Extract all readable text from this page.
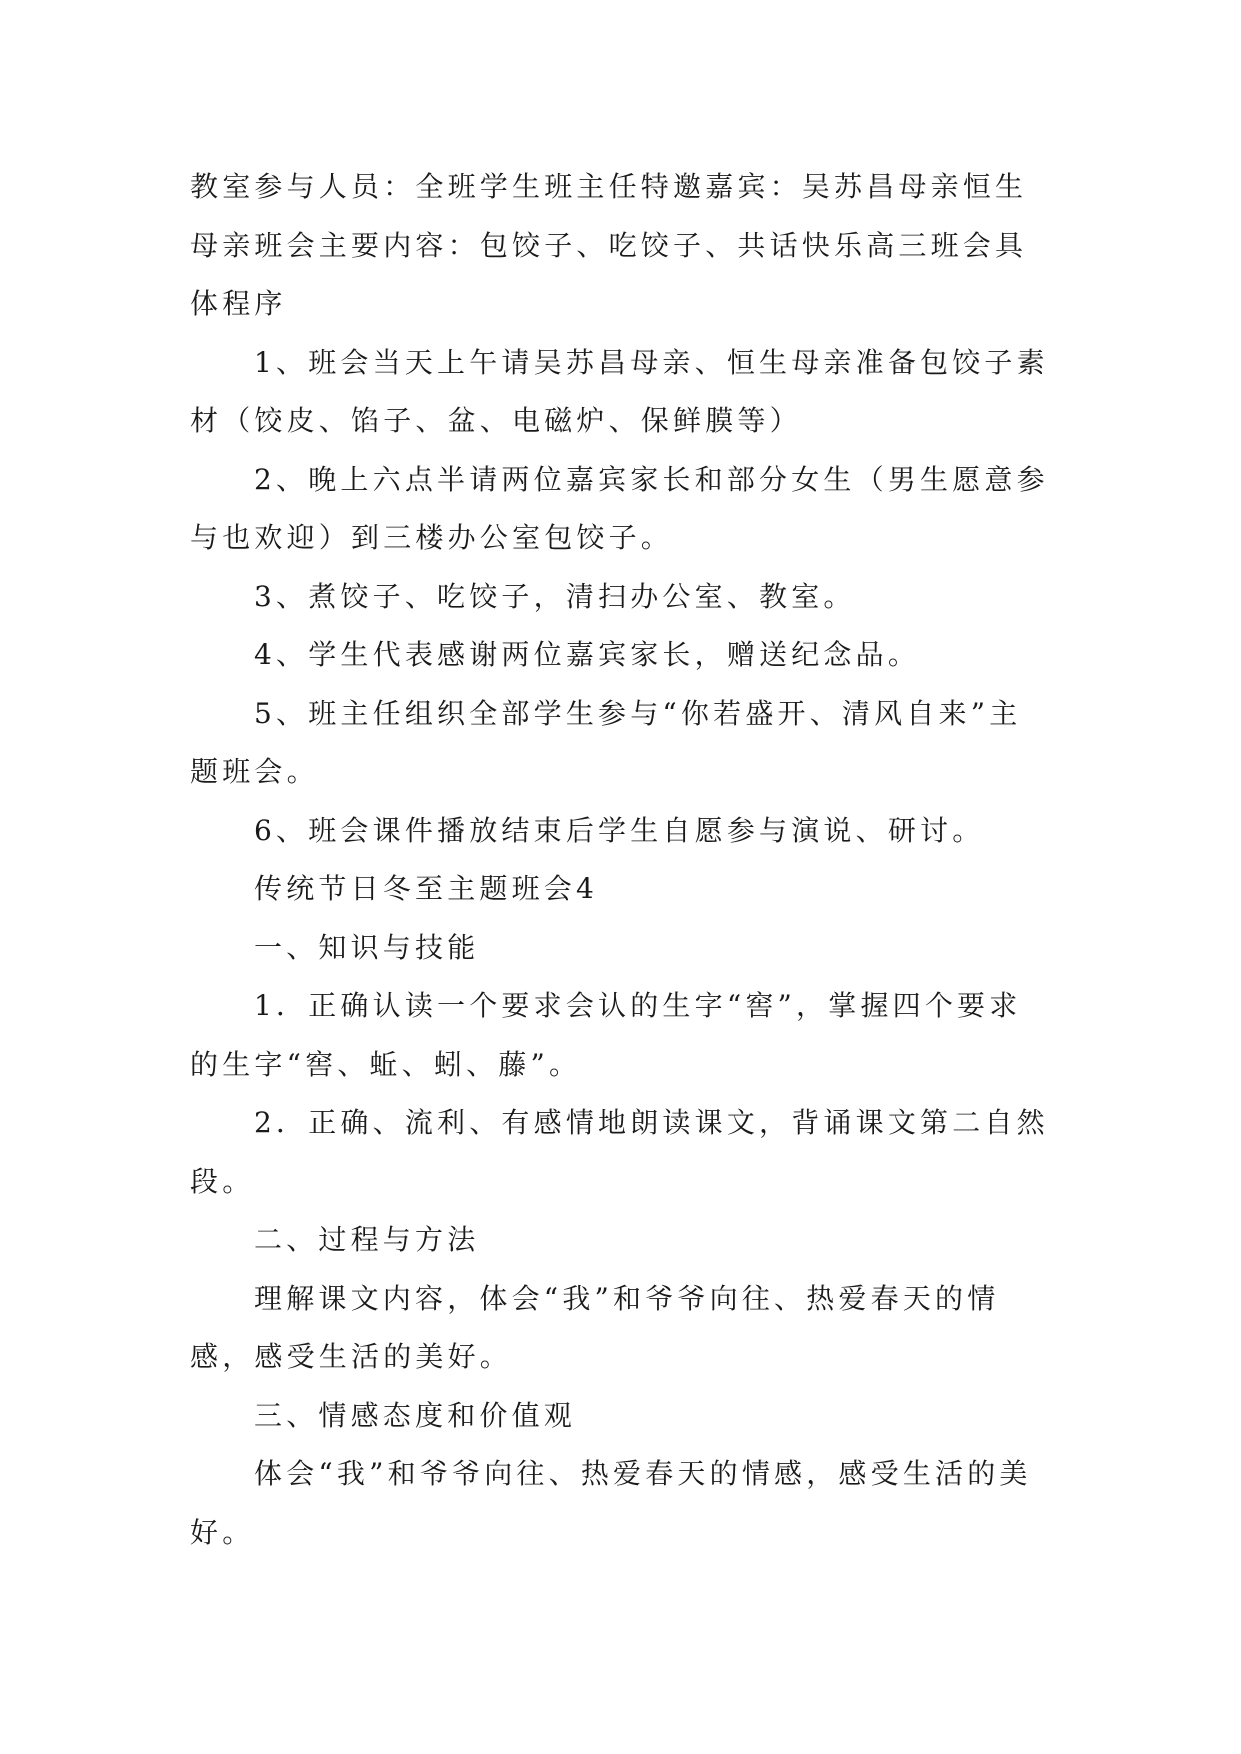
教室参与人员：全班学生班主任特邀嘉宾：吴苏昌母亲恒生母亲班会主要内容：包饺子、吃饺子、共话快乐高三班会具体程序

1、班会当天上午请吴苏昌母亲、恒生母亲准备包饺子素材（饺皮、馅子、盆、电磁炉、保鲜膜等）

2、晚上六点半请两位嘉宾家长和部分女生（男生愿意参与也欢迎）到三楼办公室包饺子。

3、煮饺子、吃饺子，清扫办公室、教室。

4、学生代表感谢两位嘉宾家长，赠送纪念品。

5、班主任组织全部学生参与“你若盛开、清风自来”主题班会。

6、班会课件播放结束后学生自愿参与演说、研讨。

传统节日冬至主题班会4

一、知识与技能

1．正确认读一个要求会认的生字“窖”，掌握四个要求的生字“窖、蚯、蚓、藤”。

2．正确、流利、有感情地朗读课文，背诵课文第二自然段。

二、过程与方法

理解课文内容，体会“我”和爷爷向往、热爱春天的情感，感受生活的美好。

三、情感态度和价值观

体会“我”和爷爷向往、热爱春天的情感，感受生活的美好。
